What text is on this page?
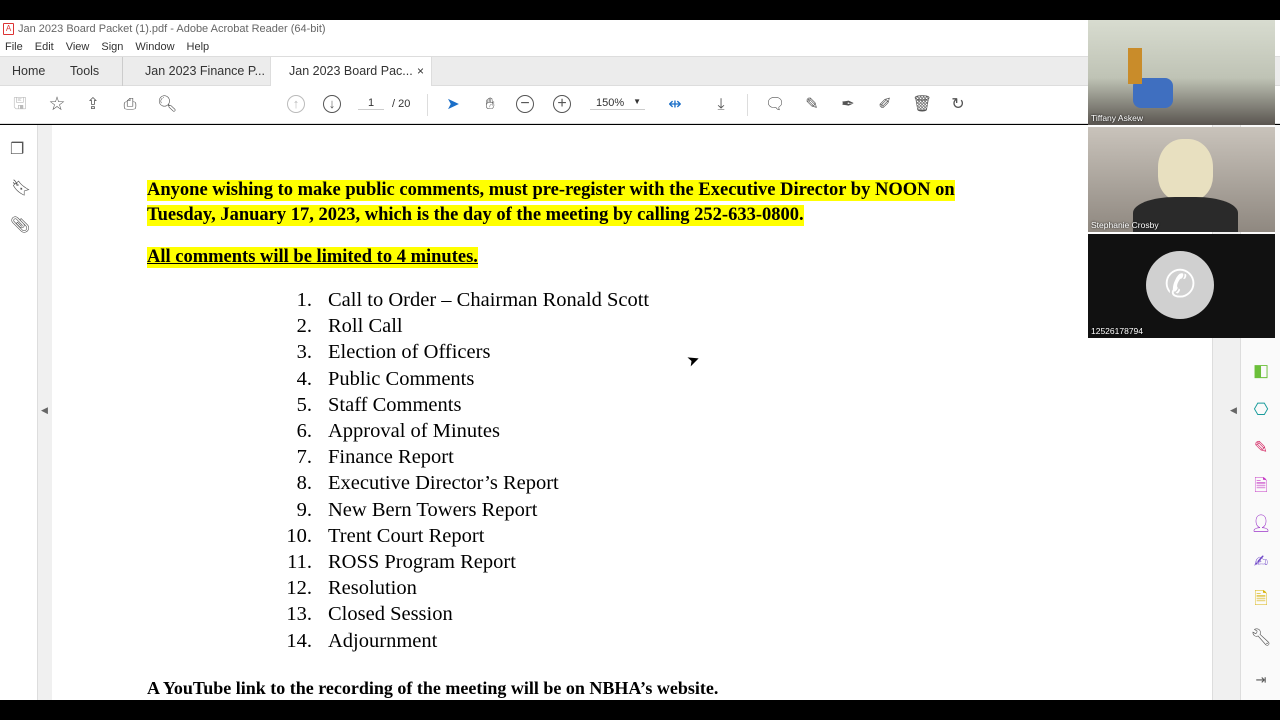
A Jan 2023 Board Packet (1).pdf - Adobe Acrobat Reader (64-bit)
File Edit View Sign Window Help
Home Tools	Jan 2023 Finance P... Jan 2023 Board Pac... ×
🖫 ☆ ⇪ ⎙ 🔍︎	↑	↓	1	/ 20 ➤	✋︎	− +	150% ▼ ⇹	⤓	🗨︎ ✎ ✒ ✐ 🗑︎ ↻
❐
🔖︎
📎︎
◀
Anyone wishing to make public comments, must pre-register with the Executive Director by NOON on
Tuesday, January 17, 2023, which is the day of the meeting by calling 252-633-0800.
All comments will be limited to 4 minutes.
1. Call to Order – Chairman Ronald Scott
2. Roll Call
3. Election of Officers
4. Public Comments
5. Staff Comments
6. Approval of Minutes
7. Finance Report
8. Executive Director’s Report
9. New Bern Towers Report
10. Trent Court Report
11. ROSS Program Report
12. Resolution
13. Closed Session
14. Adjournment
A YouTube link to the recording of the meeting will be on NBHA’s website.
➤
◀
◧
⎔
✎
🗎︎
👤︎
✍︎
🗎︎
🔧︎
⇥
Tiffany Askew
Stephanie Crosby
✆
12526178794
